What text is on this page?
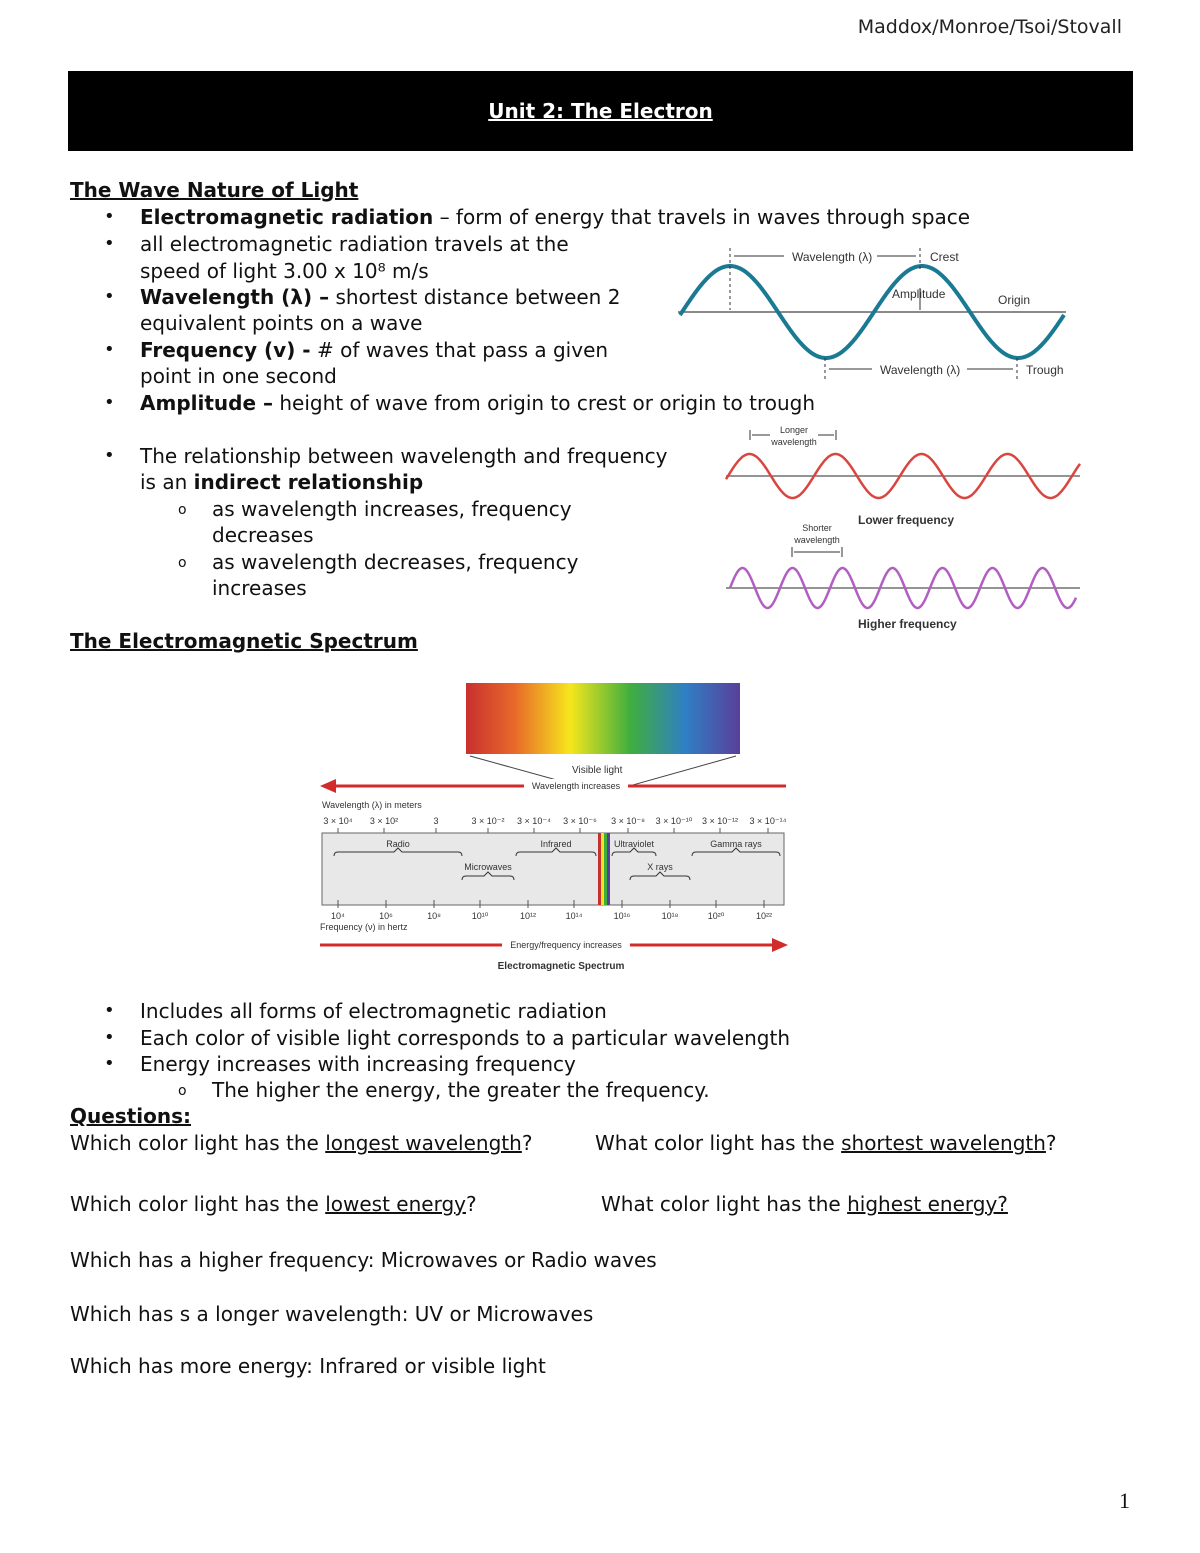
Maddox/Monroe/Tsoi/Stovall
Unit 2: The Electron
The Wave Nature of Light
• Electromagnetic radiation – form of energy that travels in waves through space
• all electromagnetic radiation travels at the
speed of light 3.00 x 10⁸ m/s
• Wavelength (λ) – shortest distance between 2
equivalent points on a wave
• Frequency (v) - # of waves that pass a given
point in one second
• Amplitude – height of wave from origin to crest or origin to trough
• The relationship between wavelength and frequency
is an indirect relationship
o as wavelength increases, frequency
decreases
o as wavelength decreases, frequency
increases
Wavelength (λ)	Crest
Amplitude	Origin
Wavelength (λ)	Trough
Longer
wavelength
Lower frequency
Shorter
wavelength
Higher frequency
The Electromagnetic Spectrum
Visible light
Wavelength increases
Wavelength (λ) in meters
3 × 10⁴ 3 × 10²	3	3 × 10⁻² 3 × 10⁻⁴ 3 × 10⁻⁶ 3 × 10⁻⁸ 3 × 10⁻¹⁰ 3 × 10⁻¹² 3 × 10⁻¹⁴
Radio
Microwaves
Infrared	Ultraviolet
X rays
Gamma rays
10⁴	10⁶	10⁸	10¹⁰	10¹²	10¹⁴	10¹⁶	10¹⁸	10²⁰	10²²
Frequency (ν) in hertz
Energy/frequency increases
Electromagnetic Spectrum
• Includes all forms of electromagnetic radiation
• Each color of visible light corresponds to a particular wavelength
• Energy increases with increasing frequency
o The higher the energy, the greater the frequency.
Questions:
Which color light has the longest wavelength?	What color light has the shortest wavelength?
Which color light has the lowest energy?	What color light has the highest energy?
Which has a higher frequency: Microwaves or Radio waves
Which has s a longer wavelength: UV or Microwaves
Which has more energy: Infrared or visible light
1
